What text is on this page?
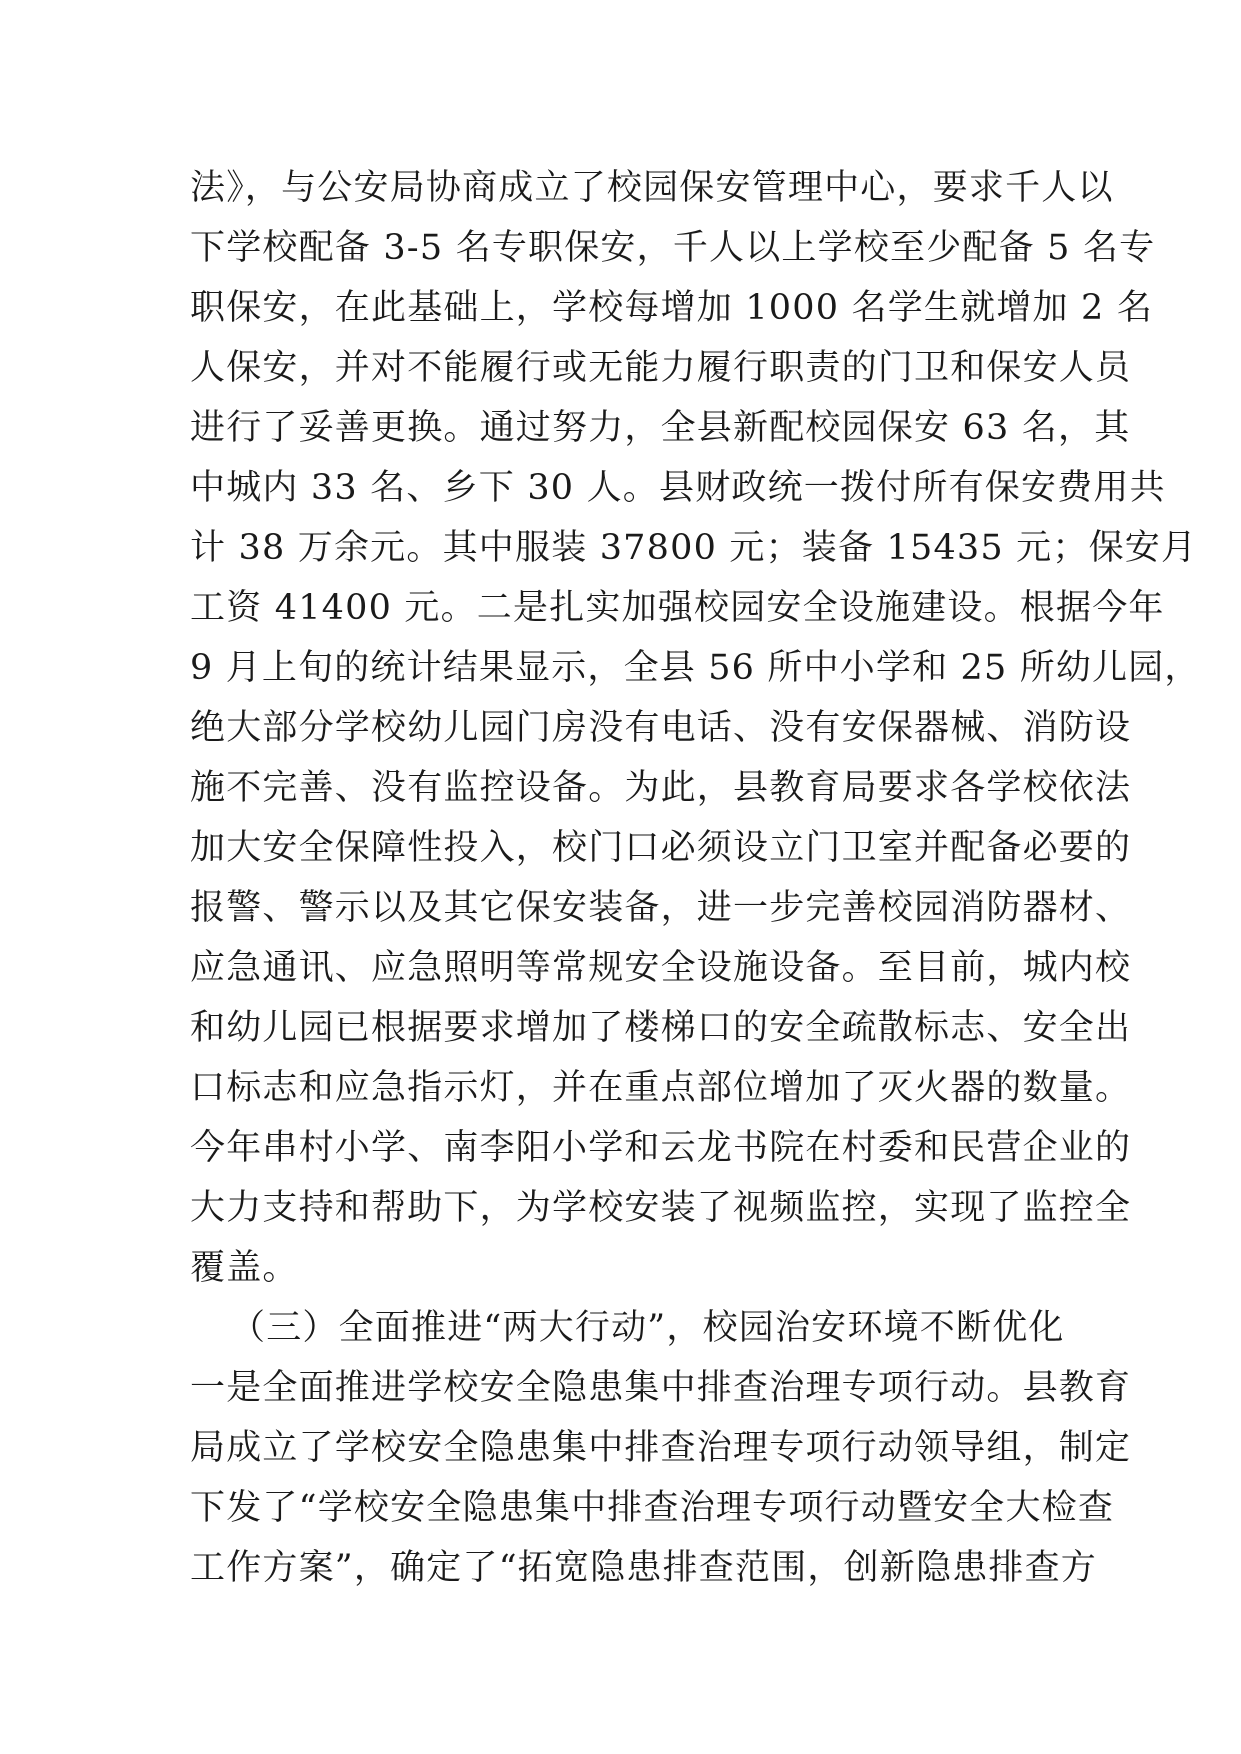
法》，与公安局协商成立了校园保安管理中心，要求千人以
下学校配备 3-5 名专职保安，千人以上学校至少配备 5 名专
职保安，在此基础上，学校每增加 1000 名学生就增加 2 名
人保安，并对不能履行或无能力履行职责的门卫和保安人员
进行了妥善更换。通过努力，全县新配校园保安 63 名，其
中城内 33 名、乡下 30 人。县财政统一拨付所有保安费用共
计 38 万余元。其中服装 37800 元；装备 15435 元；保安月
工资 41400 元。二是扎实加强校园安全设施建设。根据今年
9 月上旬的统计结果显示，全县 56 所中小学和 25 所幼儿园，
绝大部分学校幼儿园门房没有电话、没有安保器械、消防设
施不完善、没有监控设备。为此，县教育局要求各学校依法
加大安全保障性投入，校门口必须设立门卫室并配备必要的
报警、警示以及其它保安装备，进一步完善校园消防器材、
应急通讯、应急照明等常规安全设施设备。至目前，城内校
和幼儿园已根据要求增加了楼梯口的安全疏散标志、安全出
口标志和应急指示灯，并在重点部位增加了灭火器的数量。
今年串村小学、南李阳小学和云龙书院在村委和民营企业的
大力支持和帮助下，为学校安装了视频监控，实现了监控全
覆盖。
（三）全面推进“两大行动”，校园治安环境不断优化
一是全面推进学校安全隐患集中排查治理专项行动。县教育
局成立了学校安全隐患集中排查治理专项行动领导组，制定
下发了“学校安全隐患集中排查治理专项行动暨安全大检查
工作方案”，确定了“拓宽隐患排查范围，创新隐患排查方
